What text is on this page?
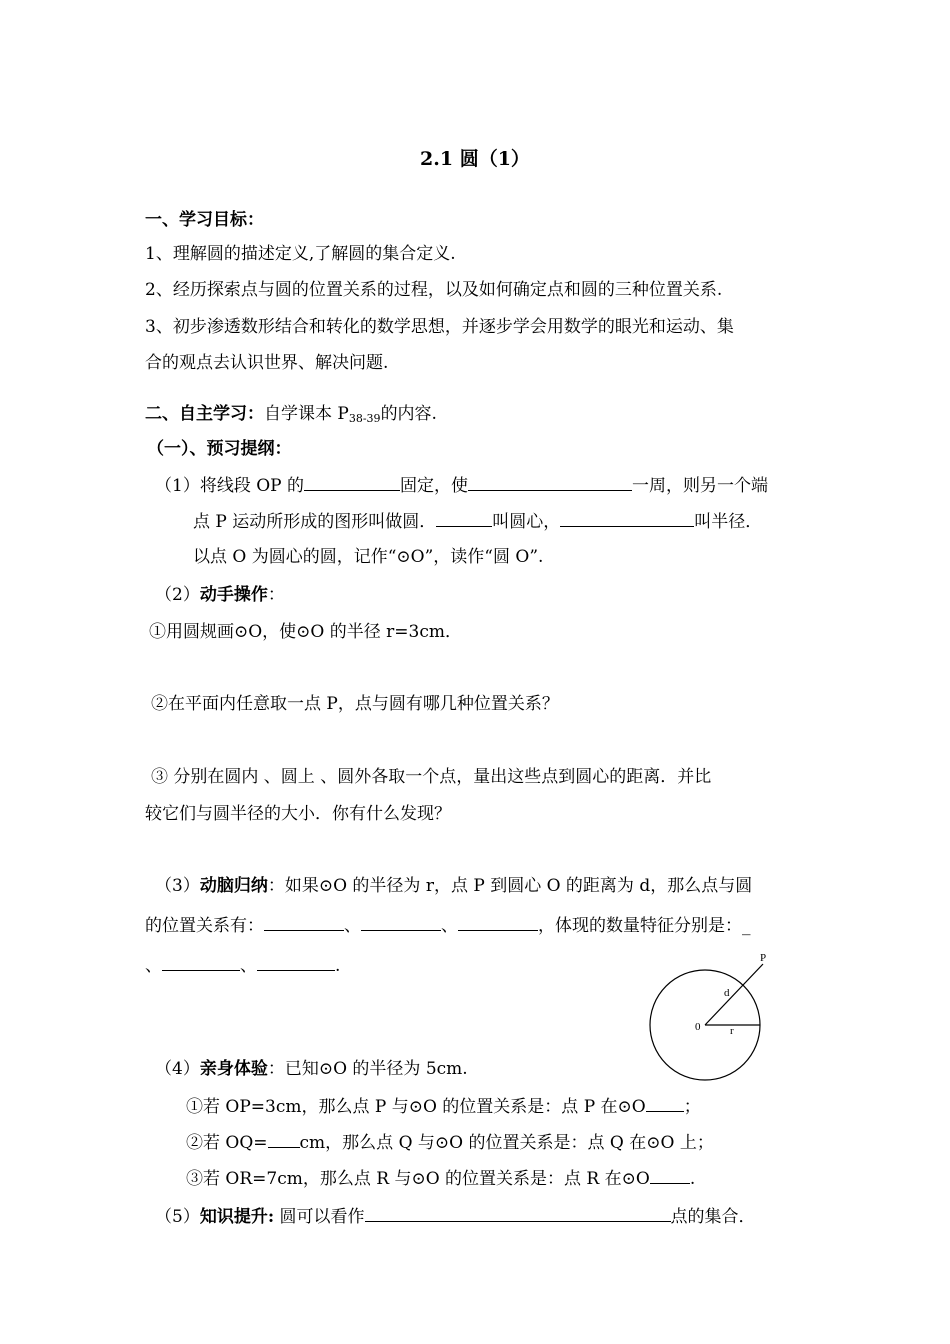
2.1 圆（1）
一、学习目标：
1、理解圆的描述定义,了解圆的集合定义.
2、经历探索点与圆的位置关系的过程，以及如何确定点和圆的三种位置关系.
3、初步渗透数形结合和转化的数学思想，并逐步学会用数学的眼光和运动、集
合的观点去认识世界、解决问题.
二、自主学习：自学课本 $P_{38-39}$的内容.
（一）、预习提纲：
（1）将线段 OP 的	固定，使	一周，则另一个端
点 P 运动所形成的图形叫做圆．	叫圆心，	叫半径．
以点 O 为圆心的圆，记作“⊙O”，读作“圆 O”.
（2）动手操作：
①用圆规画⊙O，使⊙O 的半径 r=3cm．
②在平面内任意取一点 P，点与圆有哪几种位置关系？
③ 分别在圆内 、圆上 、圆外各取一个点，量出这些点到圆心的距离．并比
较它们与圆半径的大小．你有什么发现？
（3）动脑归纳：如果⊙O 的半径为 r，点 P 到圆心 O 的距离为 d，那么点与圆
的位置关系有：	、	、	，体现的数量特征分别是：_
、	、	.	P
d
0	r
（4）亲身体验：已知⊙O 的半径为 5cm.
①若 OP=3cm，那么点 P 与⊙O 的位置关系是：点 P 在⊙O ；
②若 OQ= cm，那么点 Q 与⊙O 的位置关系是：点 Q 在⊙O 上；
③若 OR=7cm，那么点 R 与⊙O 的位置关系是：点 R 在⊙O .
（5）知识提升: 圆可以看作	点的集合．
